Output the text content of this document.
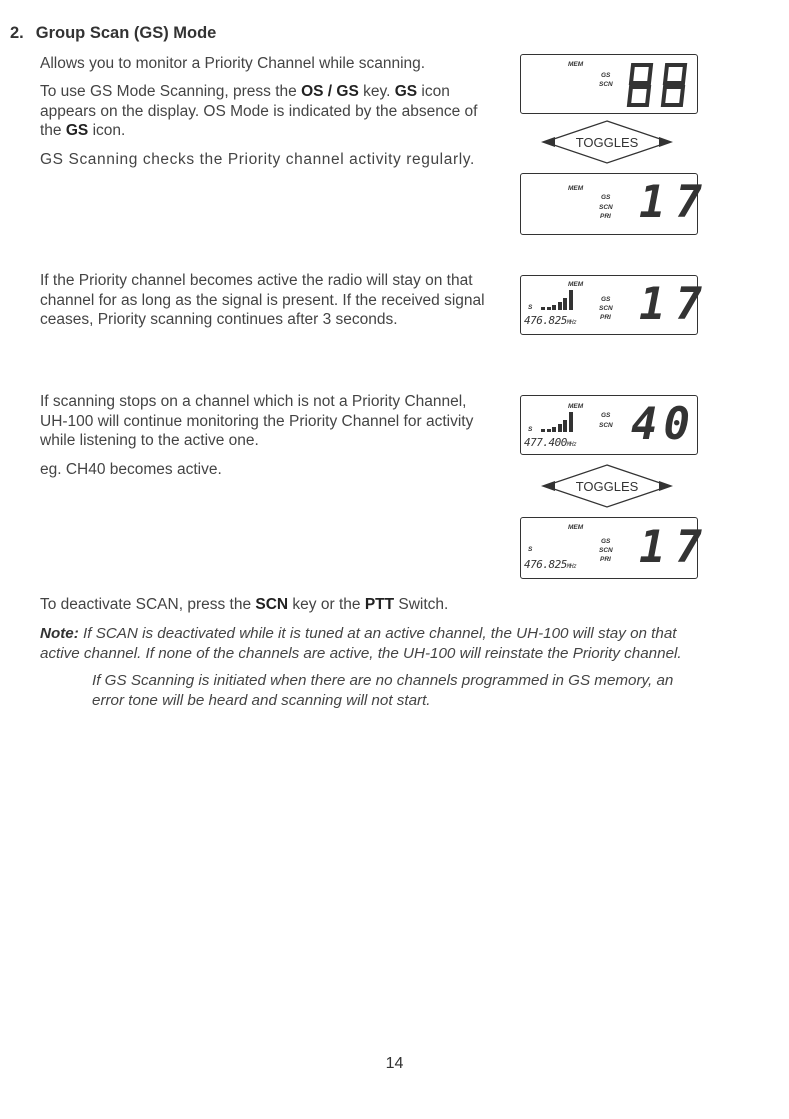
2. Group Scan (GS) Mode
Allows you to monitor a Priority Channel while scanning.
To use GS Mode Scanning, press the OS / GS key. GS icon appears on the display. OS Mode is indicated by the absence of the GS icon.
GS Scanning checks the Priority channel activity regularly.
If the Priority channel becomes active the radio will stay on that channel for as long as the signal is present. If the received signal ceases, Priority scanning continues after 3 seconds.
If scanning stops on a channel which is not a Priority Channel, UH-100 will continue monitoring the Priority Channel for activity while listening to the active one.
eg. CH40 becomes active.
To deactivate SCAN, press the SCN key or the PTT Switch.
Note: If SCAN is deactivated while it is tuned at an active channel, the UH-100 will stay on that active channel. If none of the channels are active, the UH-100 will reinstate the Priority channel.
If GS Scanning is initiated when there are no channels programmed in GS memory, an error tone will be heard and scanning will not start.
MEM
GS
SCN
TOGGLES
MEM
GS
SCN
PRI 17
MEM
GS
SCN
PRI
S
476.825MHz 17
MEM
GS
SCN
S
477.400MHz 40
TOGGLES
MEM
GS
SCN
PRI
S
476.825MHz 17
14
